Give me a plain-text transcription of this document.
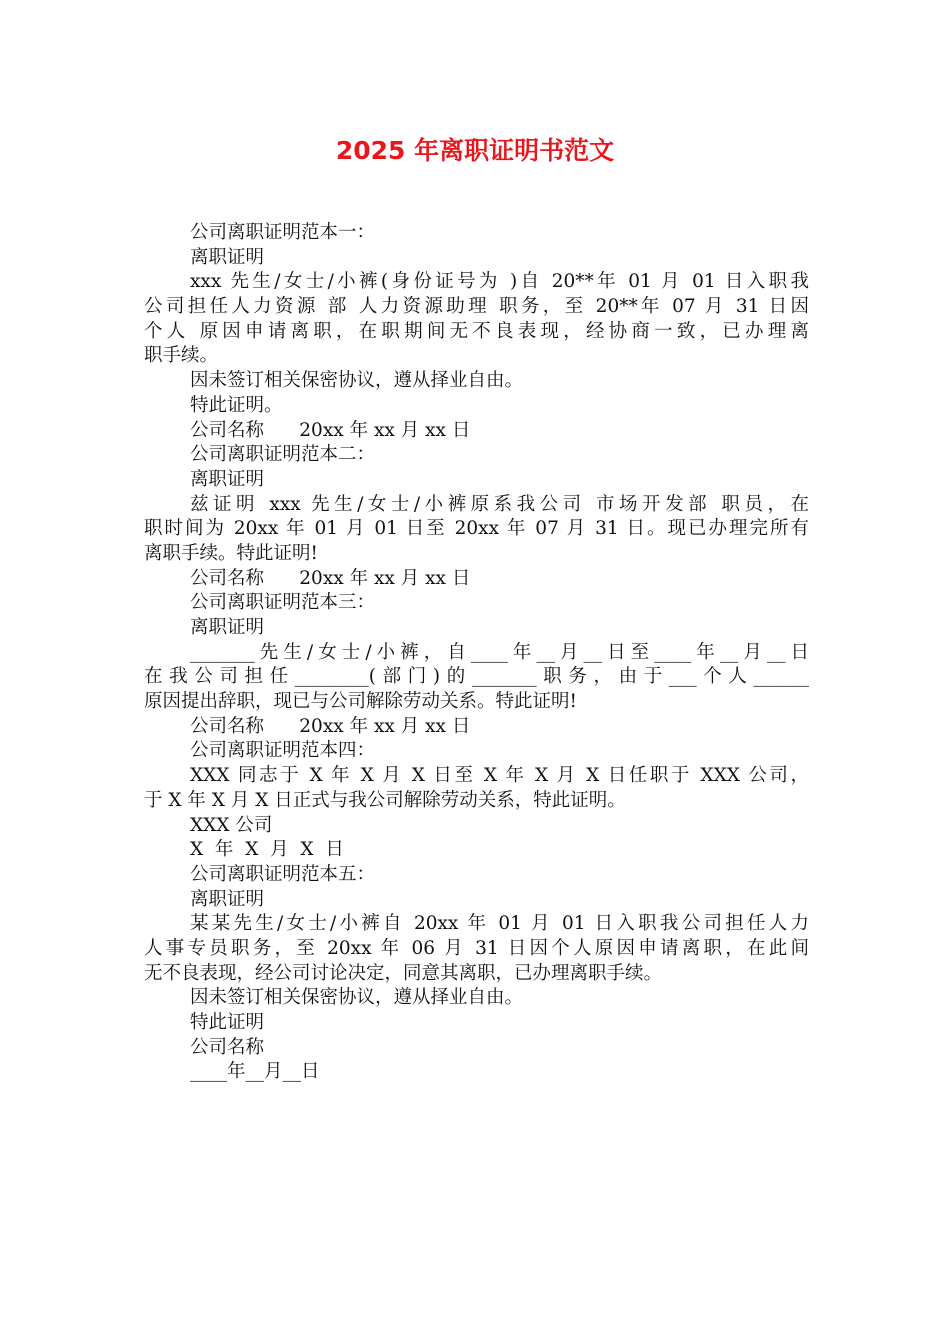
2025 年离职证明书范文

公司离职证明范本一：

离职证明

xxx 先生/女士/小裤(身份证号为 )自 20**年 01 月 01 日入职我

公司担任人力资源 部 人力资源助理 职务，至 20**年 07 月 31 日因

个人 原因申请离职，在职期间无不良表现，经协商一致，已办理离

职手续。

因未签订相关保密协议，遵从择业自由。

特此证明。

公司名称      20xx 年 xx 月 xx 日

公司离职证明范本二：

离职证明

兹证明 xxx 先生/女士/小裤原系我公司 市场开发部 职员，在

职时间为 20xx 年 01 月 01 日至 20xx 年 07 月 31 日。现已办理完所有

离职手续。特此证明!

公司名称      20xx 年 xx 月 xx 日

公司离职证明范本三：

离职证明

_______先生/女士/小裤，自____年__月__日至____年__月__日

在我公司担任________(部门)的_______职务，由于___个人______

原因提出辞职，现已与公司解除劳动关系。特此证明!

公司名称      20xx 年 xx 月 xx 日

公司离职证明范本四：

XXX 同志于 X 年 X 月 X 日至 X 年 X 月 X 日任职于 XXX 公司，

于 X 年 X 月 X 日正式与我公司解除劳动关系，特此证明。

XXX 公司

X  年  X  月  X  日

公司离职证明范本五：

离职证明

某某先生/女士/小裤自 20xx 年 01 月 01 日入职我公司担任人力

人事专员职务，至 20xx 年 06 月 31 日因个人原因申请离职，在此间

无不良表现，经公司讨论决定，同意其离职，已办理离职手续。

因未签订相关保密协议，遵从择业自由。

特此证明

公司名称

____年__月__日
